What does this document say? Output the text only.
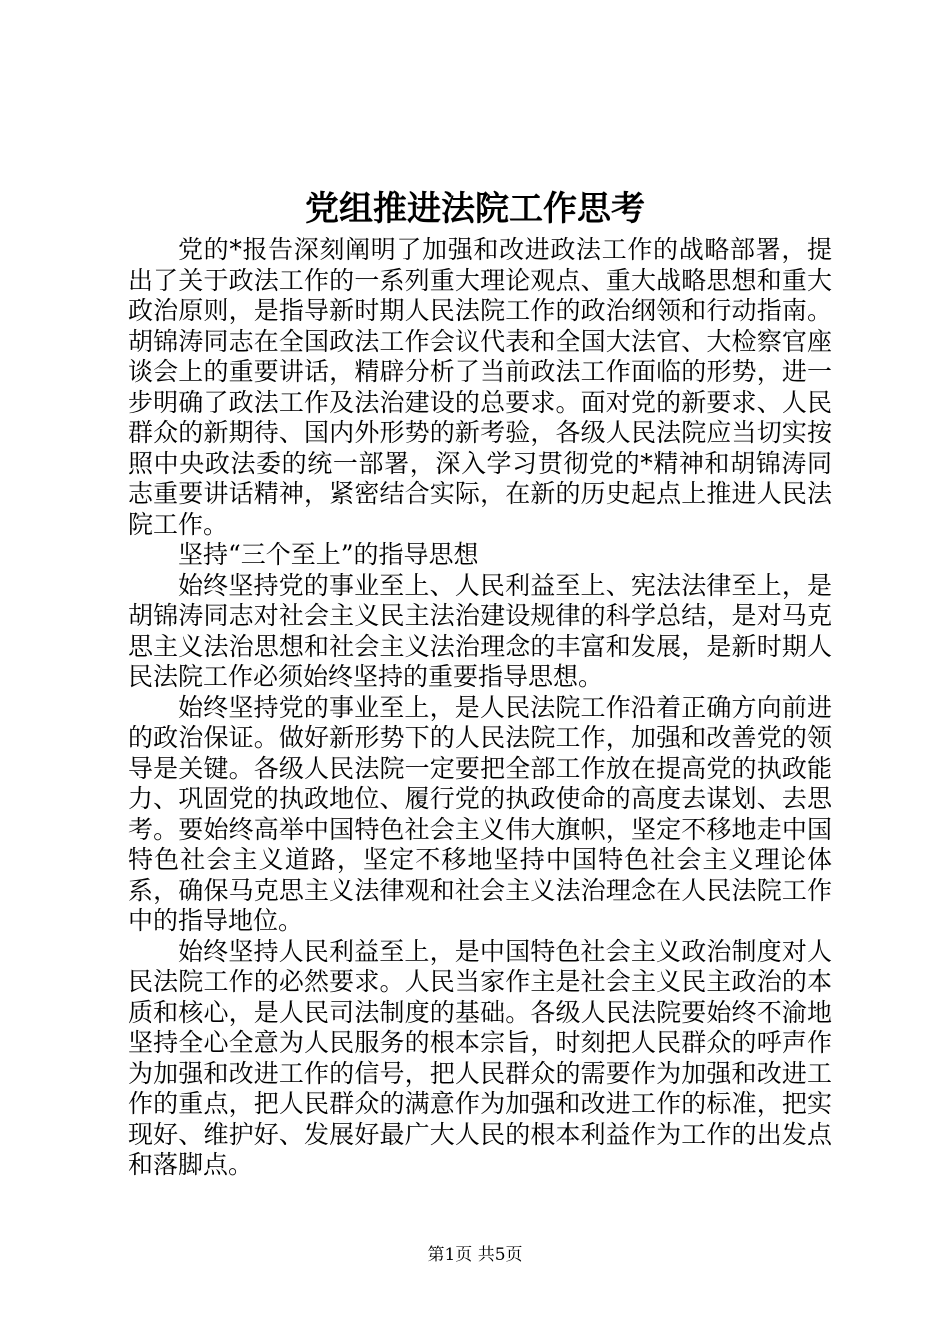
党组推进法院工作思考

党的*报告深刻阐明了加强和改进政法工作的战略部署，提出了关于政法工作的一系列重大理论观点、重大战略思想和重大政治原则，是指导新时期人民法院工作的政治纲领和行动指南。胡锦涛同志在全国政法工作会议代表和全国大法官、大检察官座谈会上的重要讲话，精辟分析了当前政法工作面临的形势，进一步明确了政法工作及法治建设的总要求。面对党的新要求、人民群众的新期待、国内外形势的新考验，各级人民法院应当切实按照中央政法委的统一部署，深入学习贯彻党的*精神和胡锦涛同志重要讲话精神，紧密结合实际，在新的历史起点上推进人民法院工作。

坚持“三个至上”的指导思想

始终坚持党的事业至上、人民利益至上、宪法法律至上，是胡锦涛同志对社会主义民主法治建设规律的科学总结，是对马克思主义法治思想和社会主义法治理念的丰富和发展，是新时期人民法院工作必须始终坚持的重要指导思想。

始终坚持党的事业至上，是人民法院工作沿着正确方向前进的政治保证。做好新形势下的人民法院工作，加强和改善党的领导是关键。各级人民法院一定要把全部工作放在提高党的执政能力、巩固党的执政地位、履行党的执政使命的高度去谋划、去思考。要始终高举中国特色社会主义伟大旗帜，坚定不移地走中国特色社会主义道路，坚定不移地坚持中国特色社会主义理论体系，确保马克思主义法律观和社会主义法治理念在人民法院工作中的指导地位。

始终坚持人民利益至上，是中国特色社会主义政治制度对人民法院工作的必然要求。人民当家作主是社会主义民主政治的本质和核心，是人民司法制度的基础。各级人民法院要始终不渝地坚持全心全意为人民服务的根本宗旨，时刻把人民群众的呼声作为加强和改进工作的信号，把人民群众的需要作为加强和改进工作的重点，把人民群众的满意作为加强和改进工作的标准，把实现好、维护好、发展好最广大人民的根本利益作为工作的出发点和落脚点。

第1页 共5页
